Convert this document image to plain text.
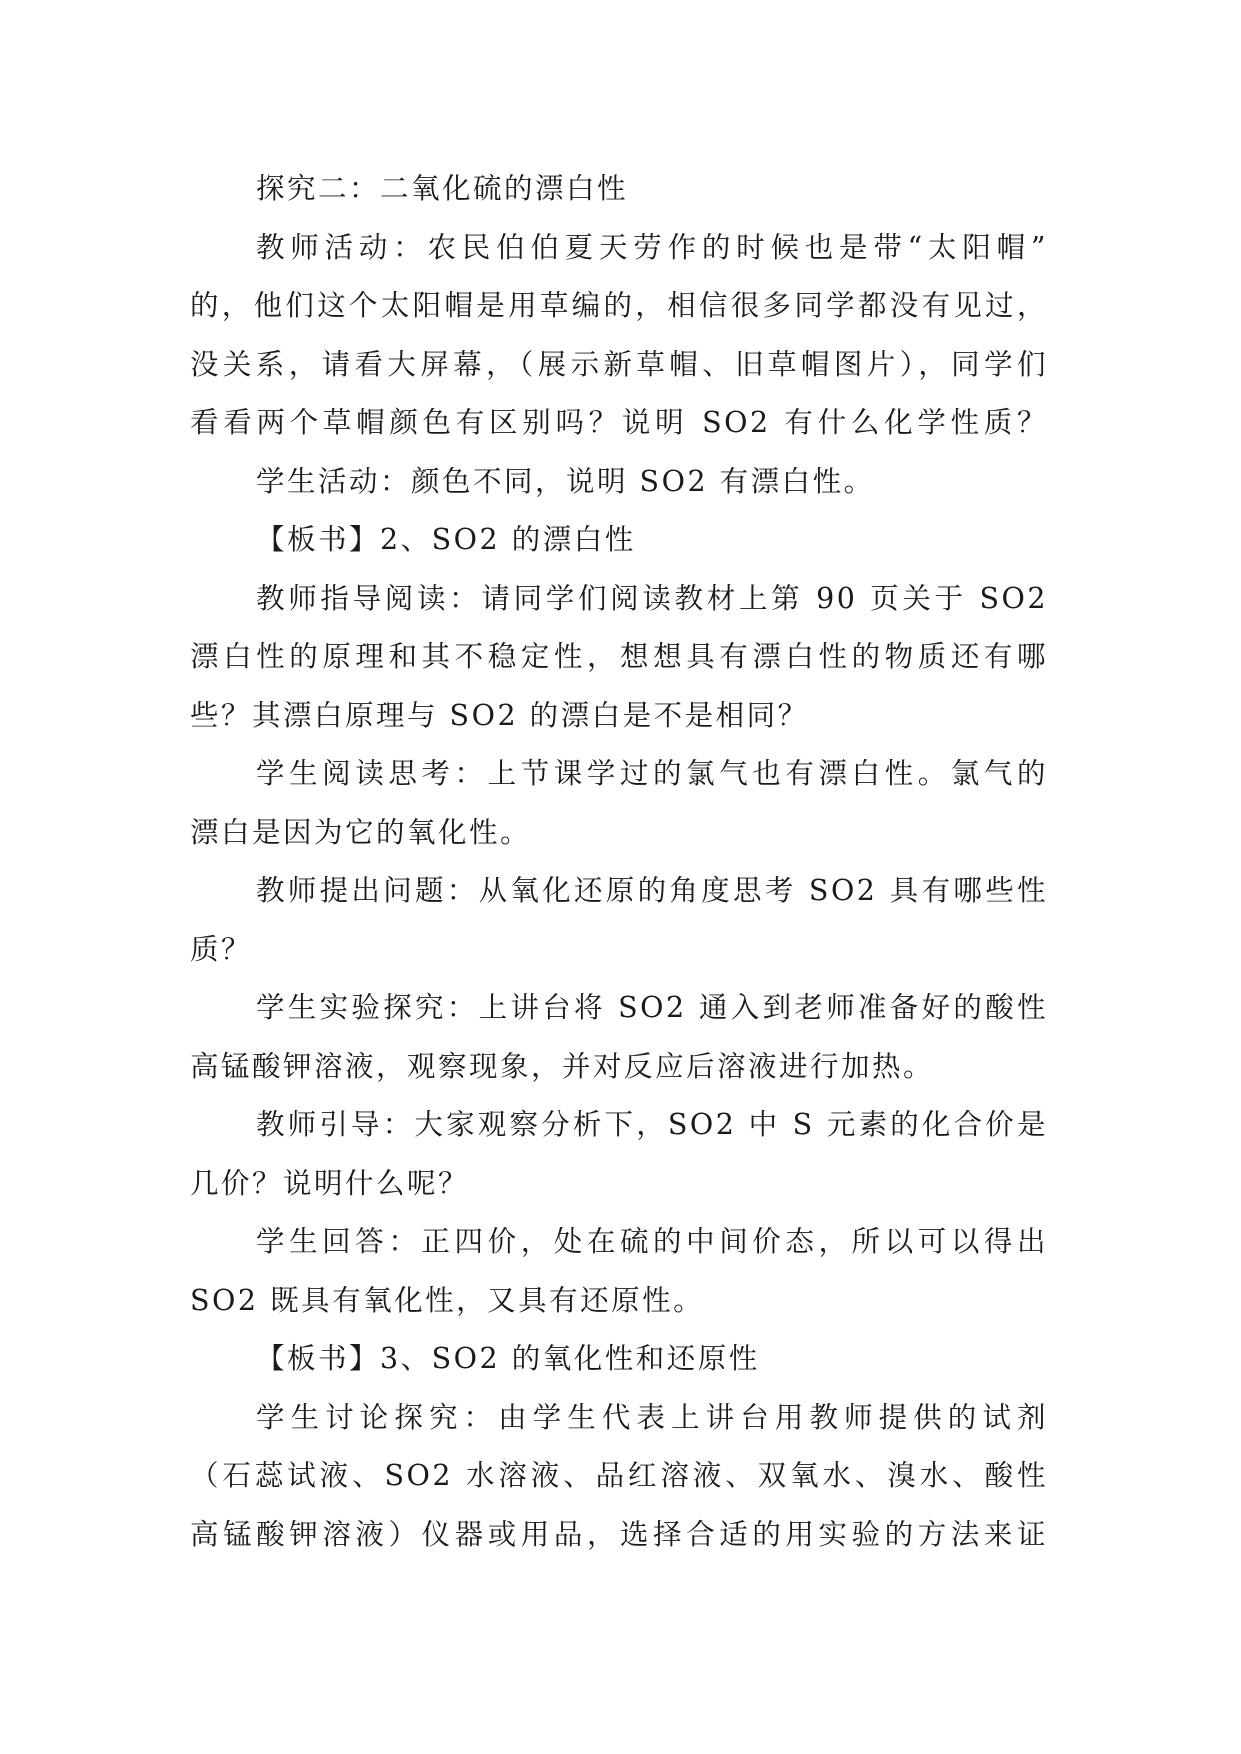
探究二：二氧化硫的漂白性
教师活动：农民伯伯夏天劳作的时候也是带“太阳帽”
的，他们这个太阳帽是用草编的，相信很多同学都没有见过，
没关系，请看大屏幕，（展示新草帽、旧草帽图片），同学们
看看两个草帽颜色有区别吗？说明 SO2 有什么化学性质？
学生活动：颜色不同，说明 SO2 有漂白性。
【板书】2、SO2 的漂白性
教师指导阅读：请同学们阅读教材上第 90 页关于 SO2
漂白性的原理和其不稳定性，想想具有漂白性的物质还有哪
些？其漂白原理与 SO2 的漂白是不是相同？
学生阅读思考：上节课学过的氯气也有漂白性。氯气的
漂白是因为它的氧化性。
教师提出问题：从氧化还原的角度思考 SO2 具有哪些性
质？
学生实验探究：上讲台将 SO2 通入到老师准备好的酸性
高锰酸钾溶液，观察现象，并对反应后溶液进行加热。
教师引导：大家观察分析下，SO2 中 S 元素的化合价是
几价？说明什么呢？
学生回答：正四价，处在硫的中间价态，所以可以得出
SO2 既具有氧化性，又具有还原性。
【板书】3、SO2 的氧化性和还原性
学生讨论探究：由学生代表上讲台用教师提供的试剂
（石蕊试液、SO2 水溶液、品红溶液、双氧水、溴水、酸性
高锰酸钾溶液）仪器或用品，选择合适的用实验的方法来证
